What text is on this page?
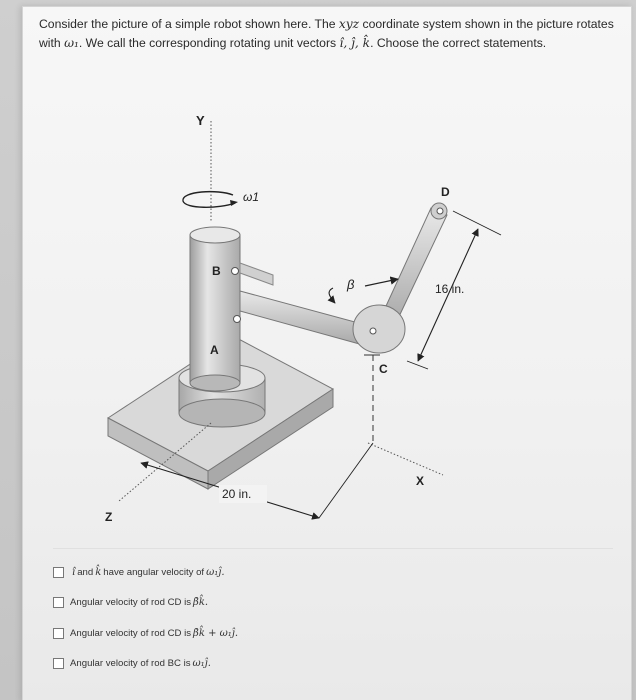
Consider the picture of a simple robot shown here. The xyz coordinate system shown in the picture rotates with ω₁. We call the corresponding rotating unit vectors î, ĵ, k̂. Choose the correct statements.
Y
ω1
B
A
D
C
β	16 in.
X
Z
20 in.
î and k̂ have angular velocity of ω₁ĵ.
Angular velocity of rod CD is β̇k̂.
Angular velocity of rod CD is β̇k̂ + ω₁ĵ.
Angular velocity of rod BC is ω₁ĵ.
